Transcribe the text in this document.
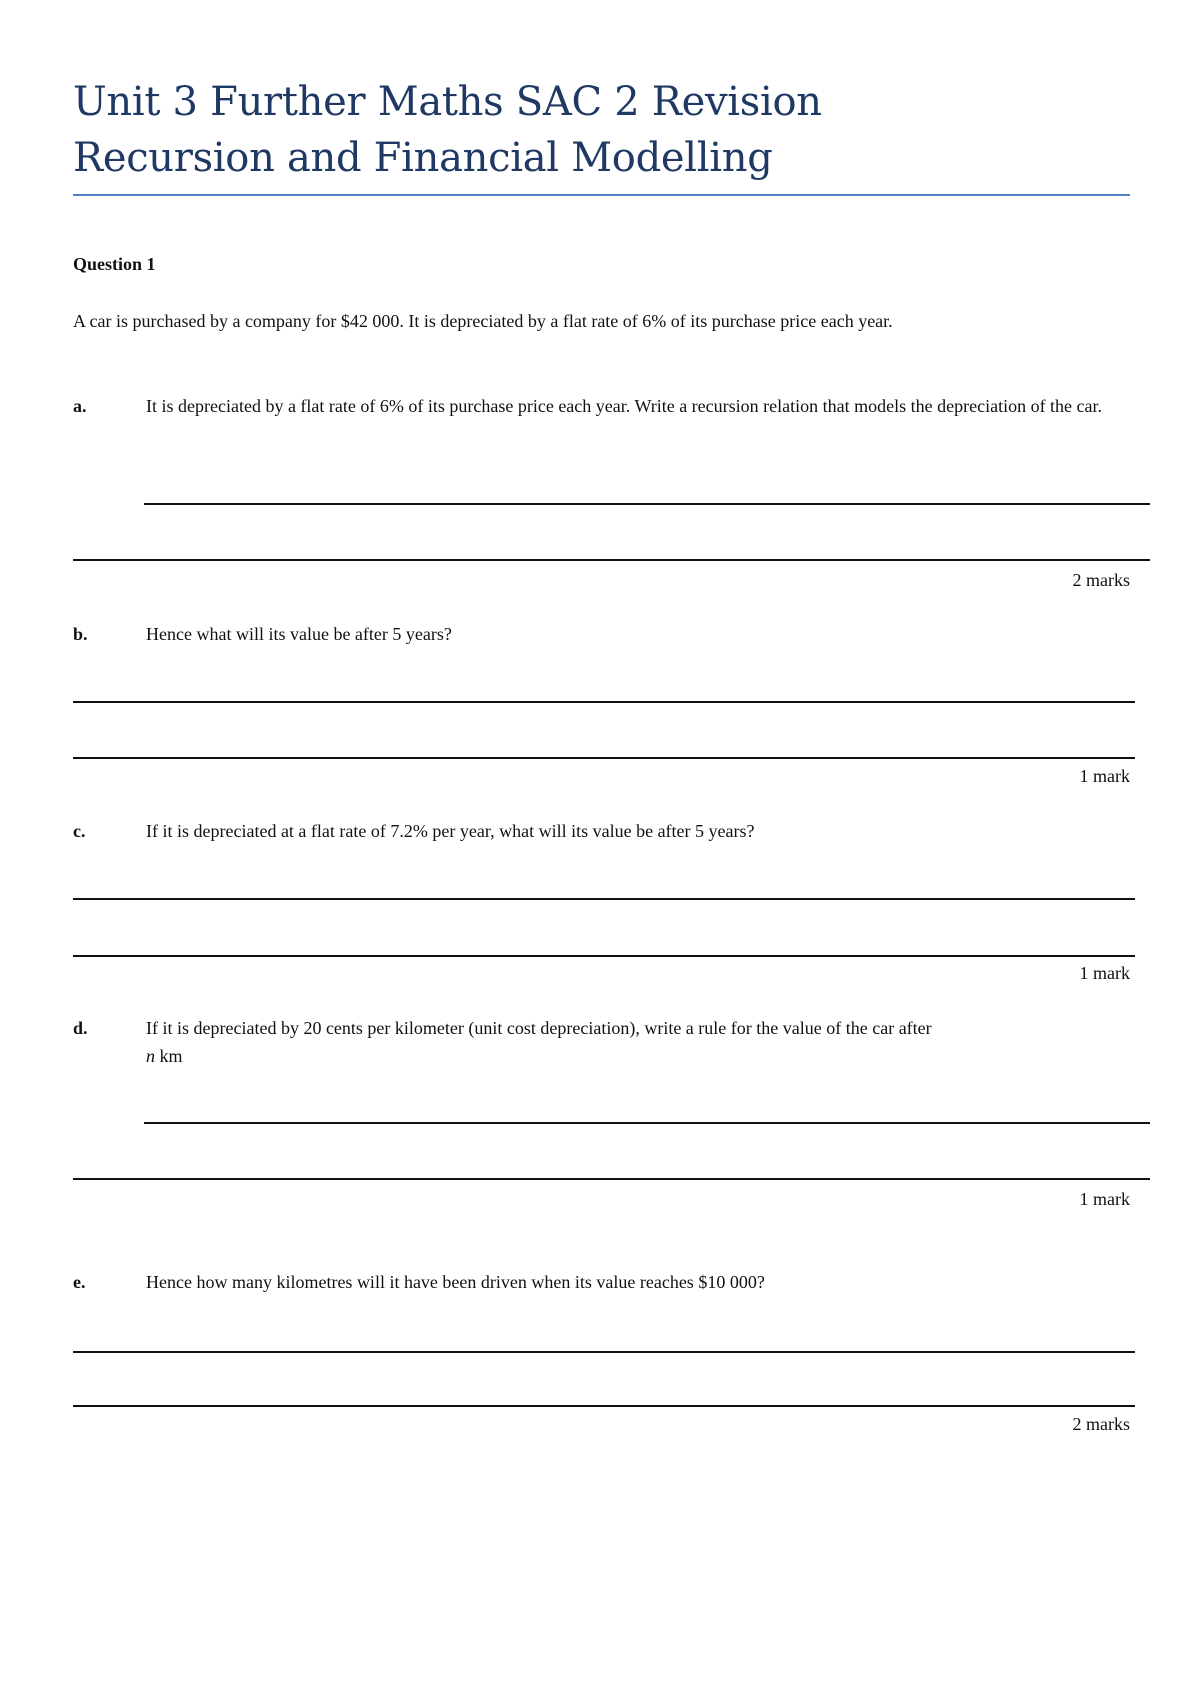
Unit 3 Further Maths SAC 2 Revision
Recursion and Financial Modelling
Question 1
A car is purchased by a company for $42 000. It is depreciated by a flat rate of 6% of its purchase price each year.
a.	It is depreciated by a flat rate of 6% of its purchase price each year. Write a recursion relation that models the depreciation of the car.
2 marks
b.	Hence what will its value be after 5 years?
1 mark
c.	If it is depreciated at a flat rate of 7.2% per year, what will its value be after 5 years?
1 mark
d.	If it is depreciated by 20 cents per kilometer (unit cost depreciation), write a rule for the value of the car after
n km
1 mark
e.	Hence how many kilometres will it have been driven when its value reaches $10 000?
2 marks
